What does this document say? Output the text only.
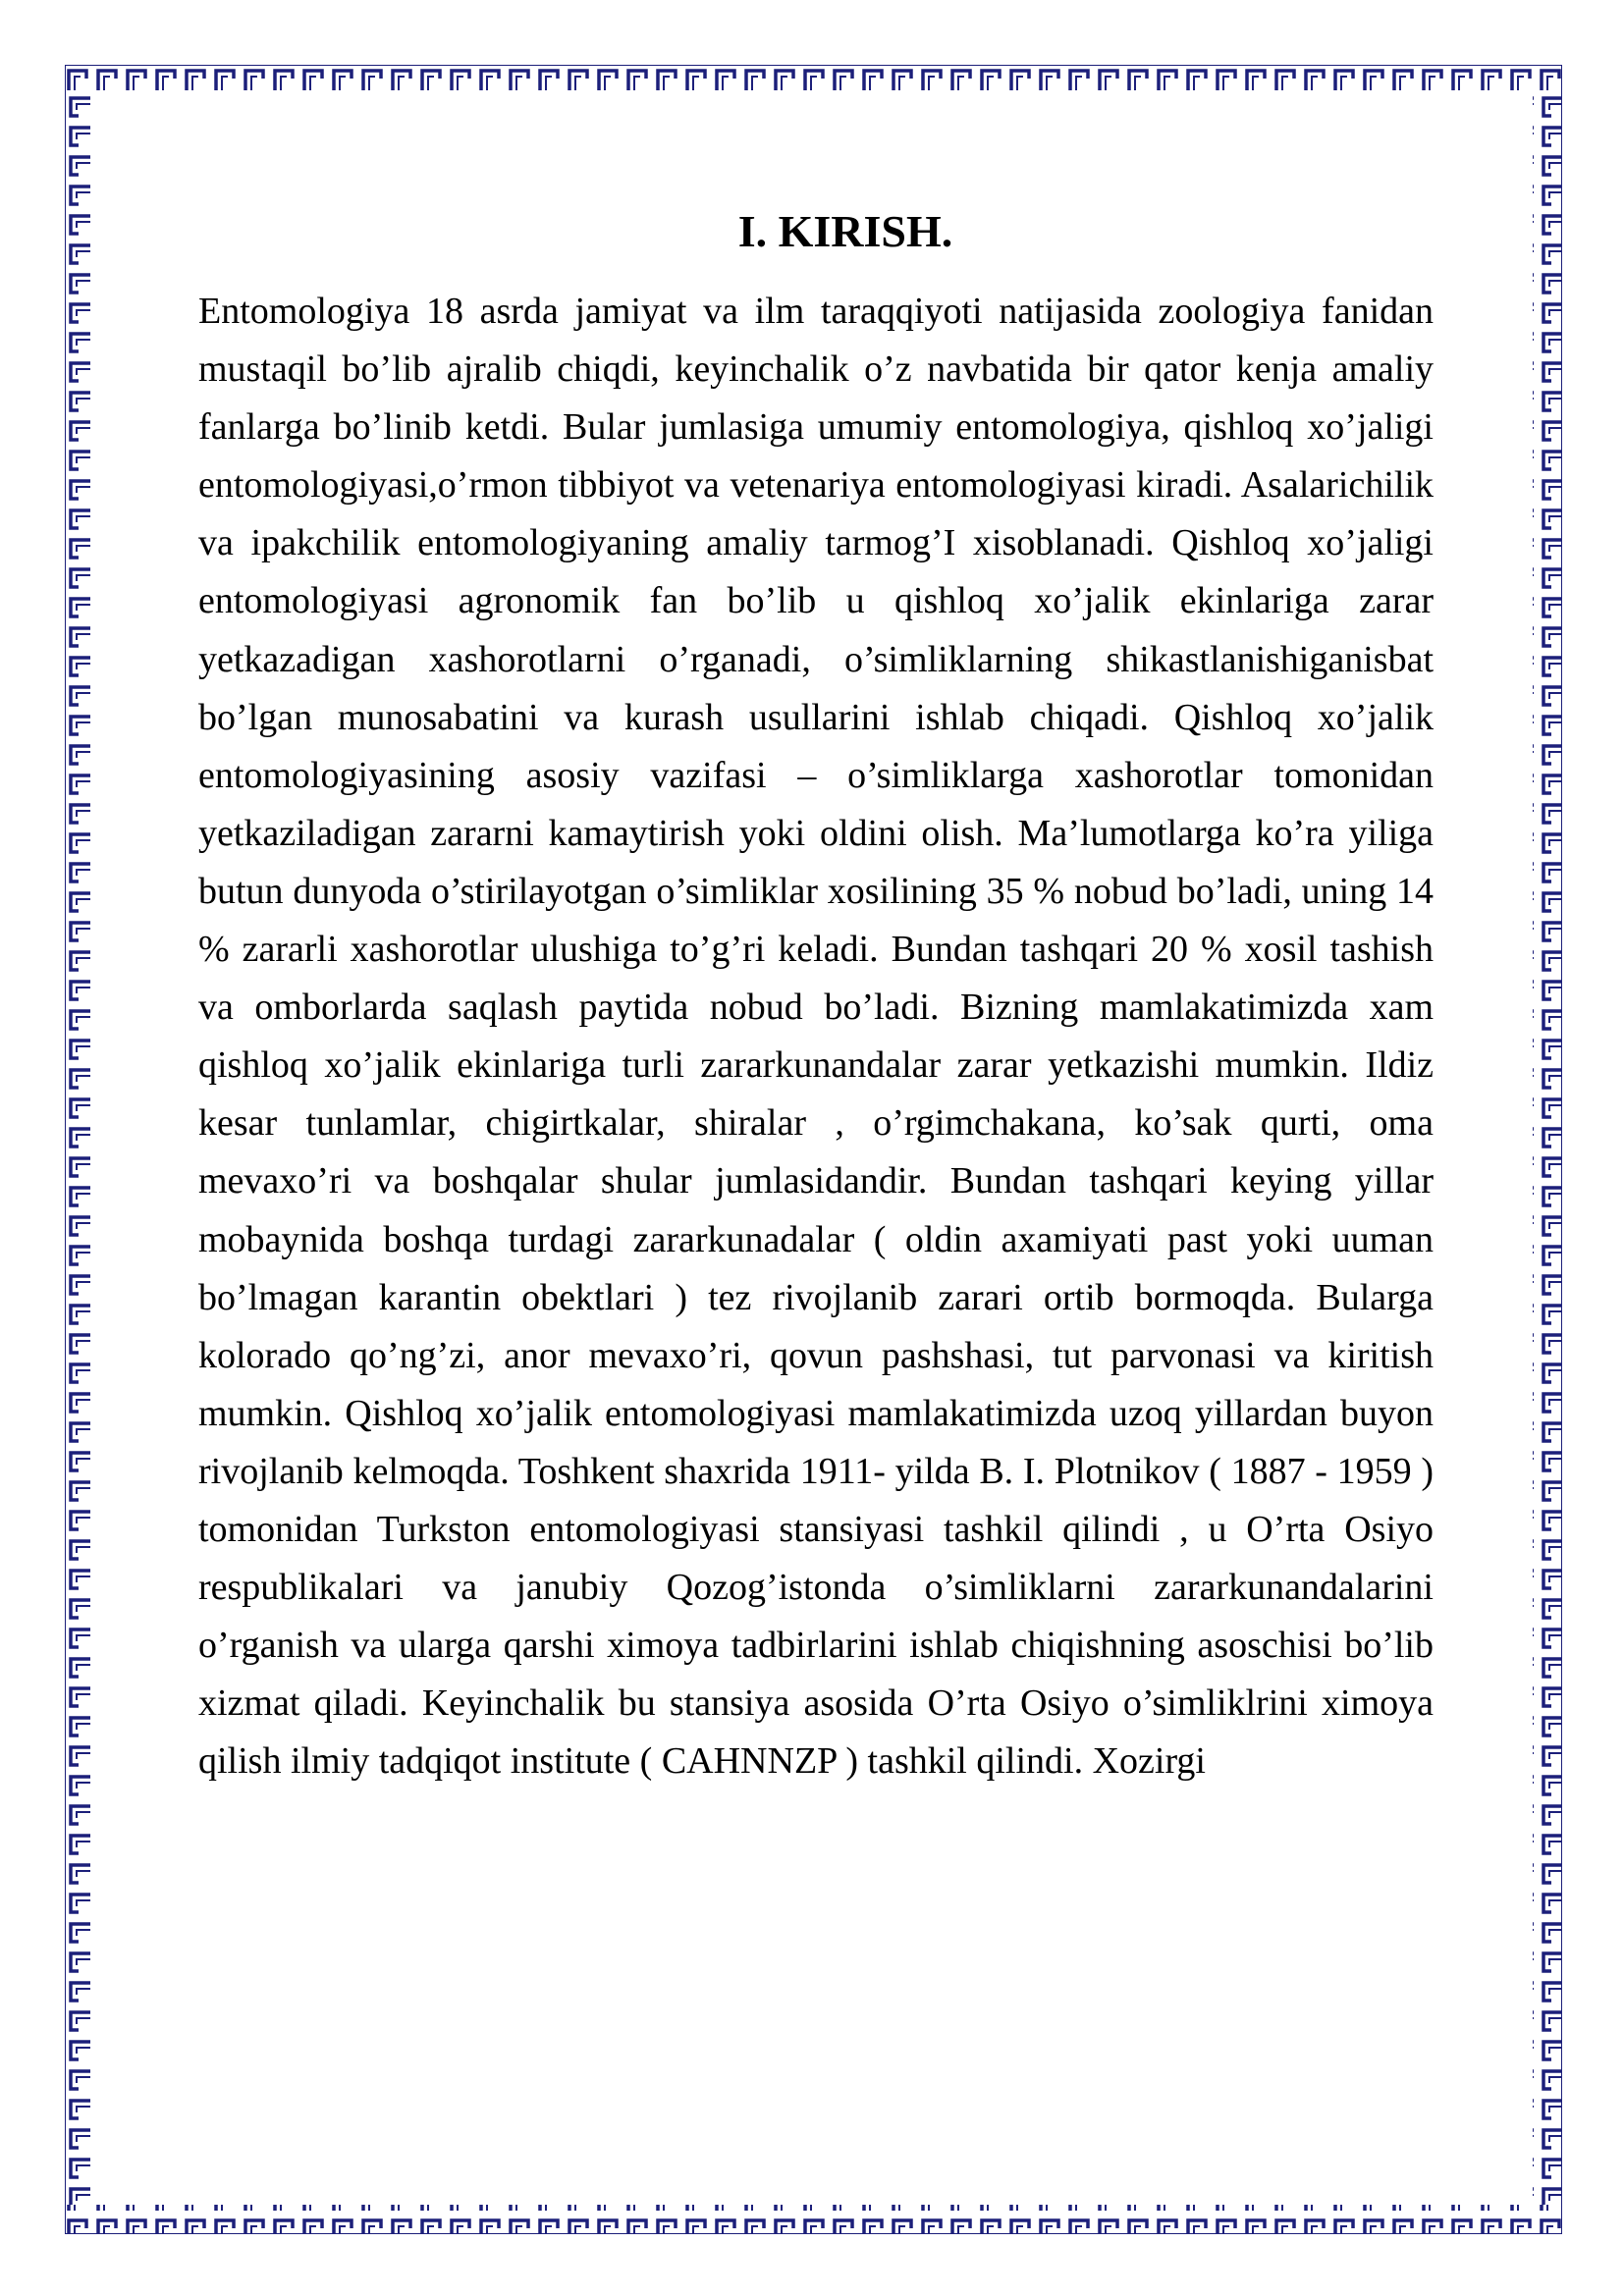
I. KIRISH.

Entomologiya 18 asrda jamiyat va ilm taraqqiyoti natijasida zoologiya fanidan mustaqil bo’lib ajralib chiqdi, keyinchalik o’z navbatida bir qator kenja amaliy fanlarga bo’linib ketdi. Bular jumlasiga umumiy entomologiya, qishloq xo’jaligi entomologiyasi,o’rmon tibbiyot va vetenariya entomologiyasi kiradi. Asalarichilik va ipakchilik entomologiyaning amaliy tarmog’I xisoblanadi. Qishloq xo’jaligi entomologiyasi agronomik fan bo’lib u qishloq xo’jalik ekinlariga zarar yetkazadigan xashorotlarni o’rganadi, o’simliklarning shikastlanishiganisbat bo’lgan munosabatini va kurash usullarini ishlab chiqadi. Qishloq xo’jalik entomologiyasining asosiy vazifasi – o’simliklarga xashorotlar tomonidan yetkaziladigan zararni kamaytirish yoki oldini olish. Ma’lumotlarga ko’ra yiliga butun dunyoda o’stirilayotgan o’simliklar xosilining 35 % nobud bo’ladi, uning 14 % zararli xashorotlar ulushiga to’g’ri keladi. Bundan tashqari 20 % xosil tashish va omborlarda saqlash paytida nobud bo’ladi. Bizning mamlakatimizda xam qishloq xo’jalik ekinlariga turli zararkunandalar zarar yetkazishi mumkin. Ildiz kesar tunlamlar, chigirtkalar, shiralar , o’rgimchakana, ko’sak qurti, oma mevaxo’ri va boshqalar shular jumlasidandir. Bundan tashqari keying yillar mobaynida boshqa turdagi zararkunadalar ( oldin axamiyati past yoki uuman bo’lmagan karantin obektlari ) tez rivojlanib zarari ortib bormoqda. Bularga kolorado qo’ng’zi, anor mevaxo’ri, qovun pashshasi, tut parvonasi va kiritish mumkin. Qishloq xo’jalik entomologiyasi mamlakatimizda uzoq yillardan buyon rivojlanib kelmoqda. Toshkent shaxrida 1911- yilda B. I. Plotnikov ( 1887 - 1959 ) tomonidan Turkston entomologiyasi stansiyasi tashkil qilindi , u O’rta Osiyo respublikalari va janubiy Qozog’istonda o’simliklarni zararkunandalarini o’rganish va ularga qarshi ximoya tadbirlarini ishlab chiqishning asoschisi bo’lib xizmat qiladi. Keyinchalik bu stansiya asosida O’rta Osiyo o’simliklrini ximoya qilish ilmiy tadqiqot institute ( CAHNNZP ) tashkil qilindi. Xozirgi
